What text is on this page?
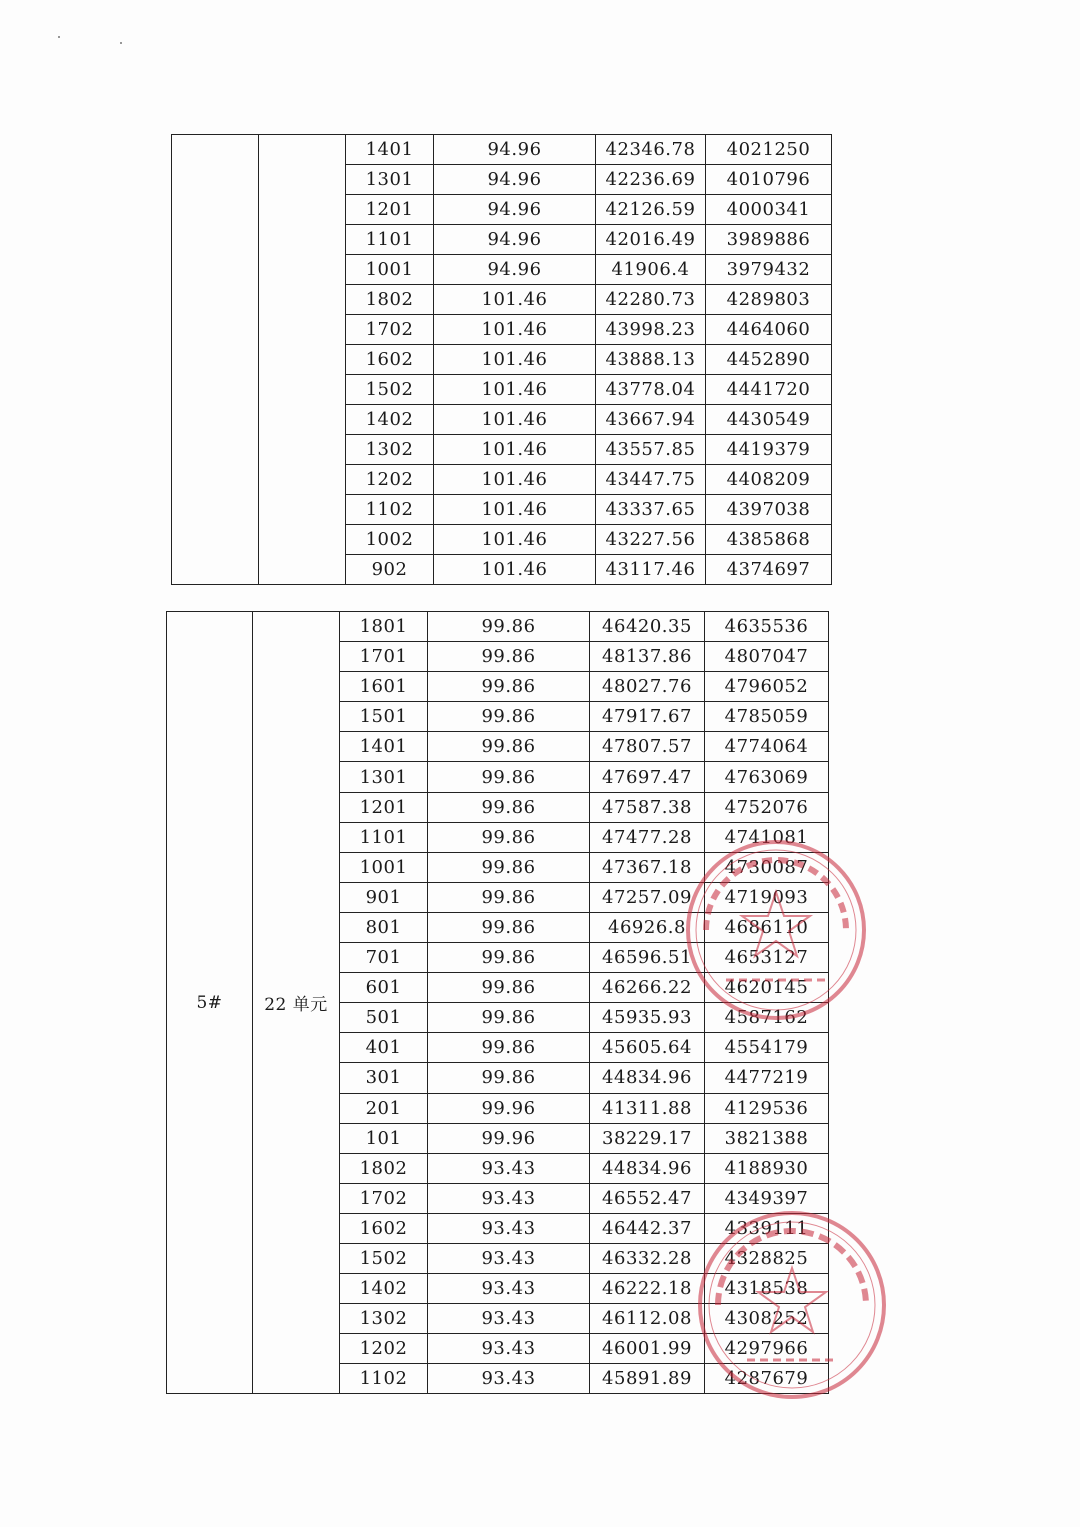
		1401	94.96	42346.78	4021250
		1301	94.96	42236.69	4010796
		1201	94.96	42126.59	4000341
		1101	94.96	42016.49	3989886
		1001	94.96	41906.4	3979432
		1802	101.46	42280.73	4289803
		1702	101.46	43998.23	4464060
		1602	101.46	43888.13	4452890
		1502	101.46	43778.04	4441720
		1402	101.46	43667.94	4430549
		1302	101.46	43557.85	4419379
		1202	101.46	43447.75	4408209
		1102	101.46	43337.65	4397038
		1002	101.46	43227.56	4385868
		902	101.46	43117.46	4374697
5#	22 单元	1801	99.86	46420.35	4635536
		1701	99.86	48137.86	4807047
		1601	99.86	48027.76	4796052
		1501	99.86	47917.67	4785059
		1401	99.86	47807.57	4774064
		1301	99.86	47697.47	4763069
		1201	99.86	47587.38	4752076
		1101	99.86	47477.28	4741081
		1001	99.86	47367.18	4730087
		901	99.86	47257.09	4719093
		801	99.86	46926.8	4686110
		701	99.86	46596.51	4653127
		601	99.86	46266.22	4620145
		501	99.86	45935.93	4587162
		401	99.86	45605.64	4554179
		301	99.86	44834.96	4477219
		201	99.96	41311.88	4129536
		101	99.96	38229.17	3821388
		1802	93.43	44834.96	4188930
		1702	93.43	46552.47	4349397
		1602	93.43	46442.37	4339111
		1502	93.43	46332.28	4328825
		1402	93.43	46222.18	4318538
		1302	93.43	46112.08	4308252
		1202	93.43	46001.99	4297966
		1102	93.43	45891.89	4287679
